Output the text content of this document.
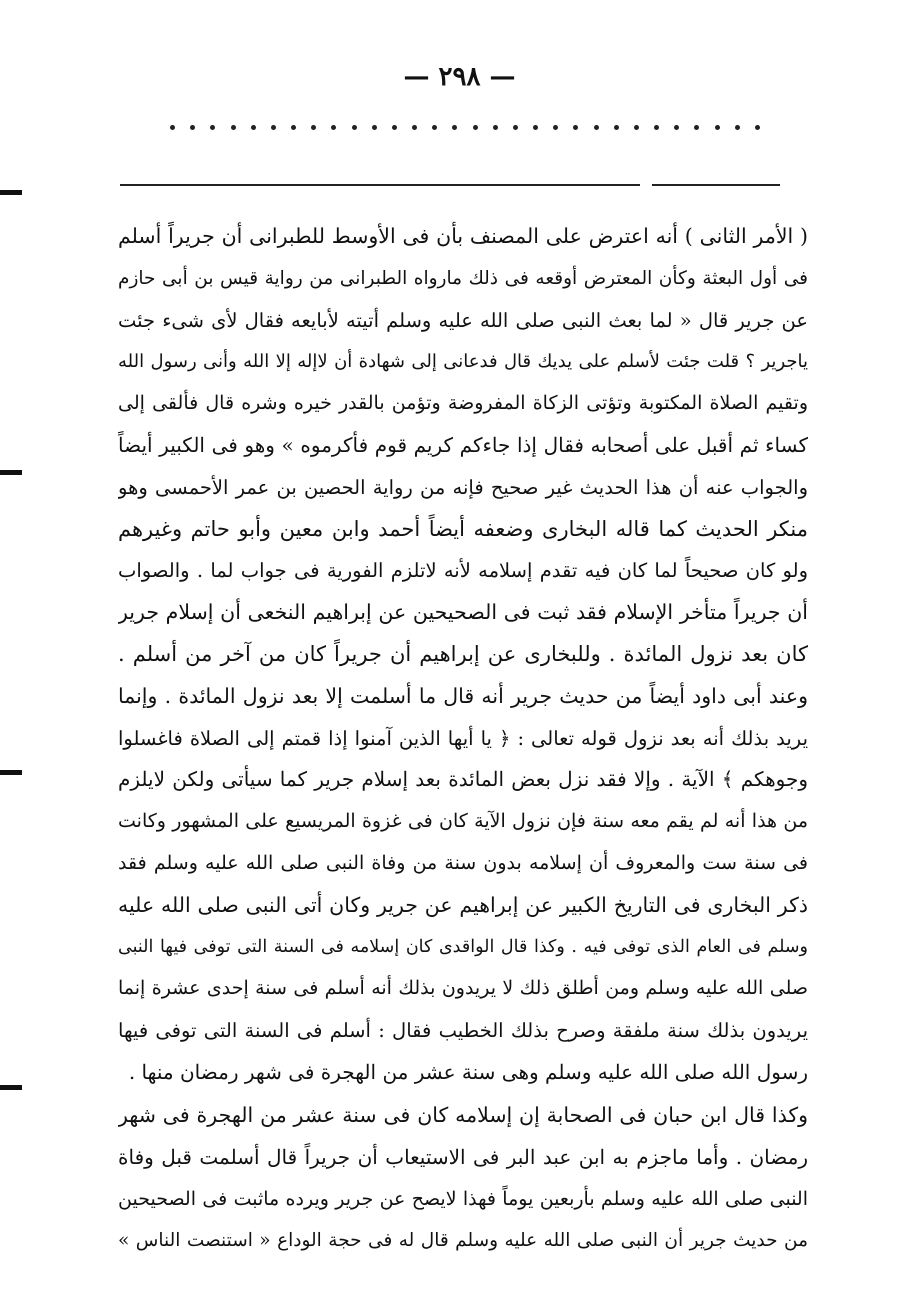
— ٢٩٨ —
( الأمر الثانى ) أنه اعترض على المصنف بأن فى الأوسط للطبرانى أن جريراً أسلم
فى أول البعثة وكأن المعترض أوقعه فى ذلك مارواه الطبرانى من رواية قيس بن أبى حازم
عن جرير قال « لما بعث النبى صلى الله عليه وسلم أتيته لأبايعه فقال لأى شىء جئت
ياجرير ؟ قلت جئت لأسلم على يديك قال فدعانى إلى شهادة أن لاإله إلا الله وأنى رسول الله
وتقيم الصلاة المكتوبة وتؤتى الزكاة المفروضة وتؤمن بالقدر خيره وشره قال فألقى إلى
كساء ثم أقبل على أصحابه فقال إذا جاءكم كريم قوم فأكرموه » وهو فى الكبير أيضاً
والجواب عنه أن هذا الحديث غير صحيح فإنه من رواية الحصين بن عمر الأحمسى وهو
منكر الحديث كما قاله البخارى وضعفه أيضاً أحمد وابن معين وأبو حاتم وغيرهم
ولو كان صحيحاً لما كان فيه تقدم إسلامه لأنه لاتلزم الفورية فى جواب لما . والصواب
أن جريراً متأخر الإسلام فقد ثبت فى الصحيحين عن إبراهيم النخعى أن إسلام جرير
كان بعد نزول المائدة . وللبخارى عن إبراهيم أن جريراً كان من آخر من أسلم .
وعند أبى داود أيضاً من حديث جرير أنه قال ما أسلمت إلا بعد نزول المائدة . وإنما
يريد بذلك أنه بعد نزول قوله تعالى : ﴿ يا أيها الذين آمنوا إذا قمتم إلى الصلاة فاغسلوا
وجوهكم ﴾ الآية . وإلا فقد نزل بعض المائدة بعد إسلام جرير كما سيأتى ولكن لايلزم
من هذا أنه لم يقم معه سنة فإن نزول الآية كان فى غزوة المريسيع على المشهور وكانت
فى سنة ست والمعروف أن إسلامه بدون سنة من وفاة النبى صلى الله عليه وسلم فقد
ذكر البخارى فى التاريخ الكبير عن إبراهيم عن جرير وكان أتى النبى صلى الله عليه
وسلم فى العام الذى توفى فيه . وكذا قال الواقدى كان إسلامه فى السنة التى توفى فيها النبى
صلى الله عليه وسلم ومن أطلق ذلك لا يريدون بذلك أنه أسلم فى سنة إحدى عشرة إنما
يريدون بذلك سنة ملفقة وصرح بذلك الخطيب فقال : أسلم فى السنة التى توفى فيها
رسول الله صلى الله عليه وسلم وهى سنة عشر من الهجرة فى شهر رمضان منها .
وكذا قال ابن حبان فى الصحابة إن إسلامه كان فى سنة عشر من الهجرة فى شهر
رمضان . وأما ماجزم به ابن عبد البر فى الاستيعاب أن جريراً قال أسلمت قبل وفاة
النبى صلى الله عليه وسلم بأربعين يوماً فهذا لايصح عن جرير ويرده ماثبت فى الصحيحين
من حديث جرير أن النبى صلى الله عليه وسلم قال له فى حجة الوداع « استنصت الناس »
